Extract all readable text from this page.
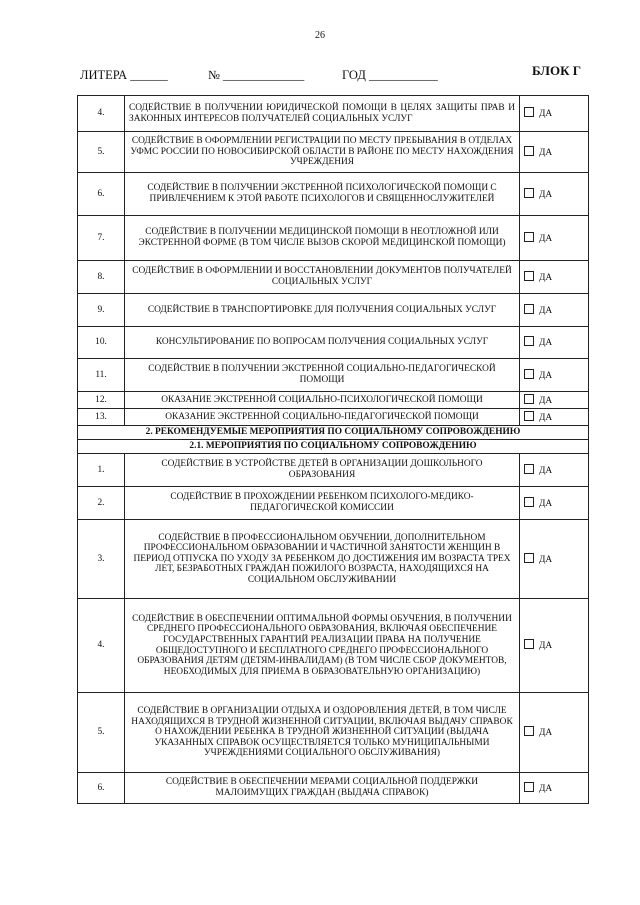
26
ЛИТЕРА ______	№ _____________	ГОД ___________	БЛОК Г
4.	СОДЕЙСТВИЕ В ПОЛУЧЕНИИ ЮРИДИЧЕСКОЙ ПОМОЩИ В ЦЕЛЯХ ЗАЩИТЫ ПРАВ И ЗАКОННЫХ ИНТЕРЕСОВ ПОЛУЧАТЕЛЕЙ СОЦИАЛЬНЫХ УСЛУГ	ДА
5.	СОДЕЙСТВИЕ В ОФОРМЛЕНИИ РЕГИСТРАЦИИ ПО МЕСТУ ПРЕБЫВАНИЯ В ОТДЕЛАХ УФМС РОССИИ ПО НОВОСИБИРСКОЙ ОБЛАСТИ В РАЙОНЕ ПО МЕСТУ НАХОЖДЕНИЯ УЧРЕЖДЕНИЯ	ДА
6.	СОДЕЙСТВИЕ В ПОЛУЧЕНИИ ЭКСТРЕННОЙ ПСИХОЛОГИЧЕСКОЙ ПОМОЩИ С ПРИВЛЕЧЕНИЕМ К ЭТОЙ РАБОТЕ ПСИХОЛОГОВ И СВЯЩЕННОСЛУЖИТЕЛЕЙ	ДА
7.	СОДЕЙСТВИЕ В ПОЛУЧЕНИИ МЕДИЦИНСКОЙ ПОМОЩИ В НЕОТЛОЖНОЙ ИЛИ ЭКСТРЕННОЙ ФОРМЕ (В ТОМ ЧИСЛЕ ВЫЗОВ СКОРОЙ МЕДИЦИНСКОЙ ПОМОЩИ)	ДА
8.	СОДЕЙСТВИЕ В ОФОРМЛЕНИИ И ВОССТАНОВЛЕНИИ ДОКУМЕНТОВ ПОЛУЧАТЕЛЕЙ СОЦИАЛЬНЫХ УСЛУГ	ДА
9.	СОДЕЙСТВИЕ В ТРАНСПОРТИРОВКЕ ДЛЯ ПОЛУЧЕНИЯ СОЦИАЛЬНЫХ УСЛУГ	ДА
10.	КОНСУЛЬТИРОВАНИЕ ПО ВОПРОСАМ ПОЛУЧЕНИЯ СОЦИАЛЬНЫХ УСЛУГ	ДА
11.	СОДЕЙСТВИЕ В ПОЛУЧЕНИИ ЭКСТРЕННОЙ СОЦИАЛЬНО-ПЕДАГОГИЧЕСКОЙ ПОМОЩИ	ДА
12.	ОКАЗАНИЕ ЭКСТРЕННОЙ СОЦИАЛЬНО-ПСИХОЛОГИЧЕСКОЙ ПОМОЩИ	ДА
13.	ОКАЗАНИЕ ЭКСТРЕННОЙ СОЦИАЛЬНО-ПЕДАГОГИЧЕСКОЙ ПОМОЩИ	ДА
2. РЕКОМЕНДУЕМЫЕ МЕРОПРИЯТИЯ ПО СОЦИАЛЬНОМУ СОПРОВОЖДЕНИЮ		
2.1. МЕРОПРИЯТИЯ ПО СОЦИАЛЬНОМУ СОПРОВОЖДЕНИЮ		
1.	СОДЕЙСТВИЕ В УСТРОЙСТВЕ ДЕТЕЙ В ОРГАНИЗАЦИИ ДОШКОЛЬНОГО ОБРАЗОВАНИЯ	ДА
2.	СОДЕЙСТВИЕ В ПРОХОЖДЕНИИ РЕБЕНКОМ ПСИХОЛОГО-МЕДИКО-ПЕДАГОГИЧЕСКОЙ КОМИССИИ	ДА
3.	СОДЕЙСТВИЕ В ПРОФЕССИОНАЛЬНОМ ОБУЧЕНИИ, ДОПОЛНИТЕЛЬНОМ ПРОФЕССИОНАЛЬНОМ ОБРАЗОВАНИИ И ЧАСТИЧНОЙ ЗАНЯТОСТИ ЖЕНЩИН В ПЕРИОД ОТПУСКА ПО УХОДУ ЗА РЕБЕНКОМ ДО ДОСТИЖЕНИЯ ИМ ВОЗРАСТА ТРЕХ ЛЕТ, БЕЗРАБОТНЫХ ГРАЖДАН ПОЖИЛОГО ВОЗРАСТА, НАХОДЯЩИХСЯ НА СОЦИАЛЬНОМ ОБСЛУЖИВАНИИ	ДА
4.	СОДЕЙСТВИЕ В ОБЕСПЕЧЕНИИ ОПТИМАЛЬНОЙ ФОРМЫ ОБУЧЕНИЯ, В ПОЛУЧЕНИИ СРЕДНЕГО ПРОФЕССИОНАЛЬНОГО ОБРАЗОВАНИЯ, ВКЛЮЧАЯ ОБЕСПЕЧЕНИЕ ГОСУДАРСТВЕННЫХ ГАРАНТИЙ РЕАЛИЗАЦИИ ПРАВА НА ПОЛУЧЕНИЕ ОБЩЕДОСТУПНОГО И БЕСПЛАТНОГО СРЕДНЕГО ПРОФЕССИОНАЛЬНОГО ОБРАЗОВАНИЯ ДЕТЯМ (ДЕТЯМ-ИНВАЛИДАМ) (В ТОМ ЧИСЛЕ СБОР ДОКУМЕНТОВ, НЕОБХОДИМЫХ ДЛЯ ПРИЕМА В ОБРАЗОВАТЕЛЬНУЮ ОРГАНИЗАЦИЮ)	ДА
5.	СОДЕЙСТВИЕ В ОРГАНИЗАЦИИ ОТДЫХА И ОЗДОРОВЛЕНИЯ ДЕТЕЙ, В ТОМ ЧИСЛЕ НАХОДЯЩИХСЯ В ТРУДНОЙ ЖИЗНЕННОЙ СИТУАЦИИ, ВКЛЮЧАЯ ВЫДАЧУ СПРАВОК О НАХОЖДЕНИИ РЕБЕНКА В ТРУДНОЙ ЖИЗНЕННОЙ СИТУАЦИИ (ВЫДАЧА УКАЗАННЫХ СПРАВОК ОСУЩЕСТВЛЯЕТСЯ ТОЛЬКО МУНИЦИПАЛЬНЫМИ УЧРЕЖДЕНИЯМИ СОЦИАЛЬНОГО ОБСЛУЖИВАНИЯ)	ДА
6.	СОДЕЙСТВИЕ В ОБЕСПЕЧЕНИИ МЕРАМИ СОЦИАЛЬНОЙ ПОДДЕРЖКИ МАЛОИМУЩИХ ГРАЖДАН (ВЫДАЧА СПРАВОК)	ДА
